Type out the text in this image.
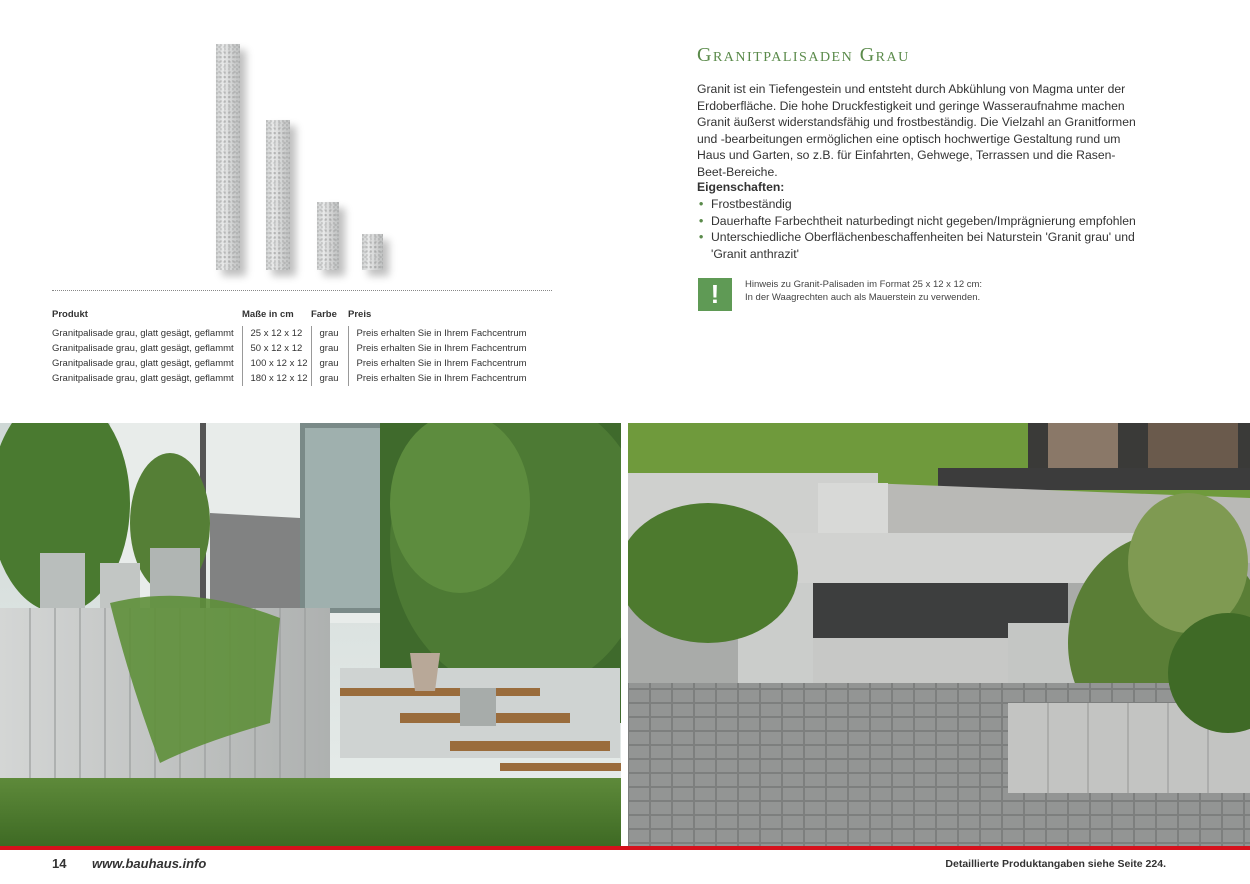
Produkt	Maße in cm	Farbe	Preis
Granitpalisade grau, glatt gesägt, geflammt	25 x 12 x 12	grau	Preis erhalten Sie in Ihrem Fachcentrum
Granitpalisade grau, glatt gesägt, geflammt	50 x 12 x 12	grau	Preis erhalten Sie in Ihrem Fachcentrum
Granitpalisade grau, glatt gesägt, geflammt	100 x 12 x 12	grau	Preis erhalten Sie in Ihrem Fachcentrum
Granitpalisade grau, glatt gesägt, geflammt	180 x 12 x 12	grau	Preis erhalten Sie in Ihrem Fachcentrum
Granitpalisaden Grau

Granit ist ein Tiefengestein und entsteht durch Abkühlung von Magma unter der Erdoberfläche. Die hohe Druckfestigkeit und geringe Wasseraufnahme machen Granit äußerst widerstandsfähig und frostbeständig. Die Vielzahl an Granitformen und -bearbeitungen ermöglichen eine optisch hochwertige Gestaltung rund um Haus und Garten, so z.B. für Einfahrten, Gehwege, Terrassen und die Rasen-Beet-Bereiche.

Eigenschaften:
• Frostbeständig
• Dauerhafte Farbechtheit naturbedingt nicht gegeben/Imprägnierung empfohlen
• Unterschiedliche Oberflächenbeschaffenheiten bei Naturstein 'Granit grau' und 'Granit anthrazit'
!	Hinweis zu Granit-Palisaden im Format 25 x 12 x 12 cm:
In der Waagrechten auch als Mauerstein zu verwenden.
14 www.bauhaus.info	Detaillierte Produktangaben siehe Seite 224.
